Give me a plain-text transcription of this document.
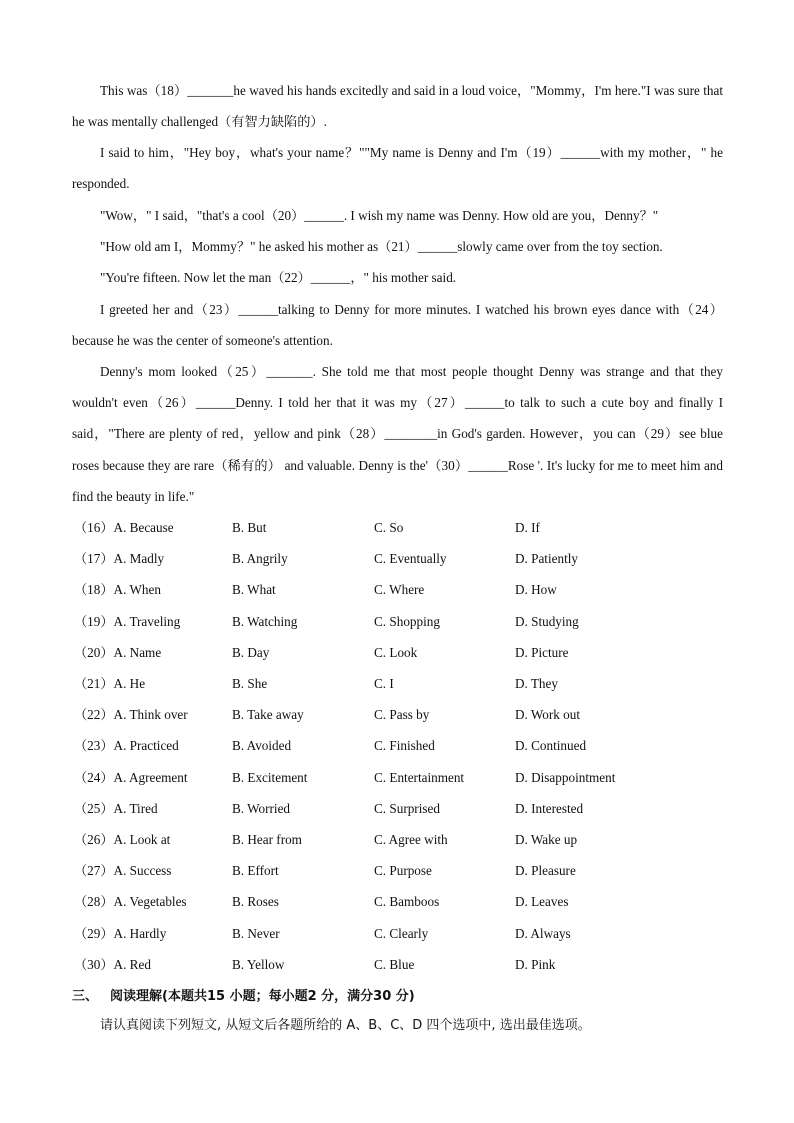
This was（18）_______he waved his hands excitedly and said in a loud voice，"Mommy，I'm here."I was sure that he was mentally challenged（有智力缺陷的）.

I said to him，"Hey boy，what's your name？""My name is Denny and I'm（19）______with my mother，" he responded.

"Wow，" I said，"that's a cool（20）______. I wish my name was Denny. How old are you，Denny？"

"How old am I，Mommy？" he asked his mother as（21）______slowly came over from the toy section.

"You're fifteen. Now let the man（22）______，" his mother said.

I greeted her and（23）______talking to Denny for more minutes. I watched his brown eyes dance with（24）because he was the center of someone's attention.

Denny's mom looked（25）_______. She told me that most people thought Denny was strange and that they wouldn't even（26）______Denny. I told her that it was my（27）______to talk to such a cute boy and finally I said，"There are plenty of red，yellow and pink（28）________in God's garden. However，you can（29）see blue roses because they are rare（稀有的） and valuable. Denny is the'（30）______Rose '. It's lucky for me to meet him and find the beauty in life."

（16）A. Because	B. But	C. So	D. If
（17）A. Madly	B. Angrily	C. Eventually	D. Patiently
（18）A. When	B. What	C. Where	D. How
（19）A. Traveling	B. Watching	C. Shopping	D. Studying
（20）A. Name	B. Day	C. Look	D. Picture
（21）A. He	B. She	C. I	D. They
（22）A. Think over	B. Take away	C. Pass by	D. Work out
（23）A. Practiced	B. Avoided	C. Finished	D. Continued
（24）A. Agreement	B. Excitement	C. Entertainment	D. Disappointment
（25）A. Tired	B. Worried	C. Surprised	D. Interested
（26）A. Look at	B. Hear from	C. Agree with	D. Wake up
（27）A. Success	B. Effort	C. Purpose	D. Pleasure
（28）A. Vegetables	B. Roses	C. Bamboos	D. Leaves
（29）A. Hardly	B. Never	C. Clearly	D. Always
（30）A. Red	B. Yellow	C. Blue	D. Pink
三、 阅读理解(本题共15 小题；每小题2 分，满分30 分)
请认真阅读下列短文, 从短文后各题所给的 A、B、C、D 四个选项中, 选出最佳选项。
